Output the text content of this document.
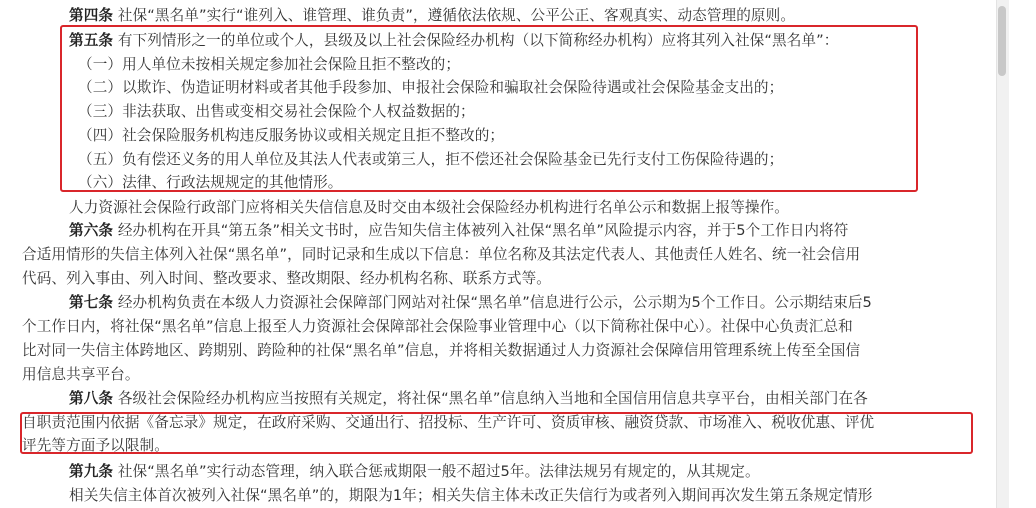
第四条 社保“黑名单”实行“谁列入、谁管理、谁负责”，遵循依法依规、公平公正、客观真实、动态管理的原则。
第五条 有下列情形之一的单位或个人，县级及以上社会保险经办机构（以下简称经办机构）应将其列入社保“黑名单”：
（一）用人单位未按相关规定参加社会保险且拒不整改的；
（二）以欺诈、伪造证明材料或者其他手段参加、申报社会保险和骗取社会保险待遇或社会保险基金支出的；
（三）非法获取、出售或变相交易社会保险个人权益数据的；
（四）社会保险服务机构违反服务协议或相关规定且拒不整改的；
（五）负有偿还义务的用人单位及其法人代表或第三人，拒不偿还社会保险基金已先行支付工伤保险待遇的；
（六）法律、行政法规规定的其他情形。
人力资源社会保险行政部门应将相关失信信息及时交由本级社会保险经办机构进行名单公示和数据上报等操作。
第六条 经办机构在开具“第五条”相关文书时，应告知失信主体被列入社保“黑名单”风险提示内容，并于5个工作日内将符
合适用情形的失信主体列入社保“黑名单”，同时记录和生成以下信息：单位名称及其法定代表人、其他责任人姓名、统一社会信用
代码、列入事由、列入时间、整改要求、整改期限、经办机构名称、联系方式等。
第七条 经办机构负责在本级人力资源社会保障部门网站对社保“黑名单”信息进行公示，公示期为5个工作日。公示期结束后5
个工作日内，将社保“黑名单”信息上报至人力资源社会保障部社会保险事业管理中心（以下简称社保中心）。社保中心负责汇总和
比对同一失信主体跨地区、跨期别、跨险种的社保“黑名单”信息，并将相关数据通过人力资源社会保障信用管理系统上传至全国信
用信息共享平台。
第八条 各级社会保险经办机构应当按照有关规定，将社保“黑名单”信息纳入当地和全国信用信息共享平台，由相关部门在各
自职责范围内依据《备忘录》规定，在政府采购、交通出行、招投标、生产许可、资质审核、融资贷款、市场准入、税收优惠、评优
评先等方面予以限制。
第九条 社保“黑名单”实行动态管理，纳入联合惩戒期限一般不超过5年。法律法规另有规定的，从其规定。
相关失信主体首次被列入社保“黑名单”的，期限为1年；相关失信主体未改正失信行为或者列入期间再次发生第五条规定情形
